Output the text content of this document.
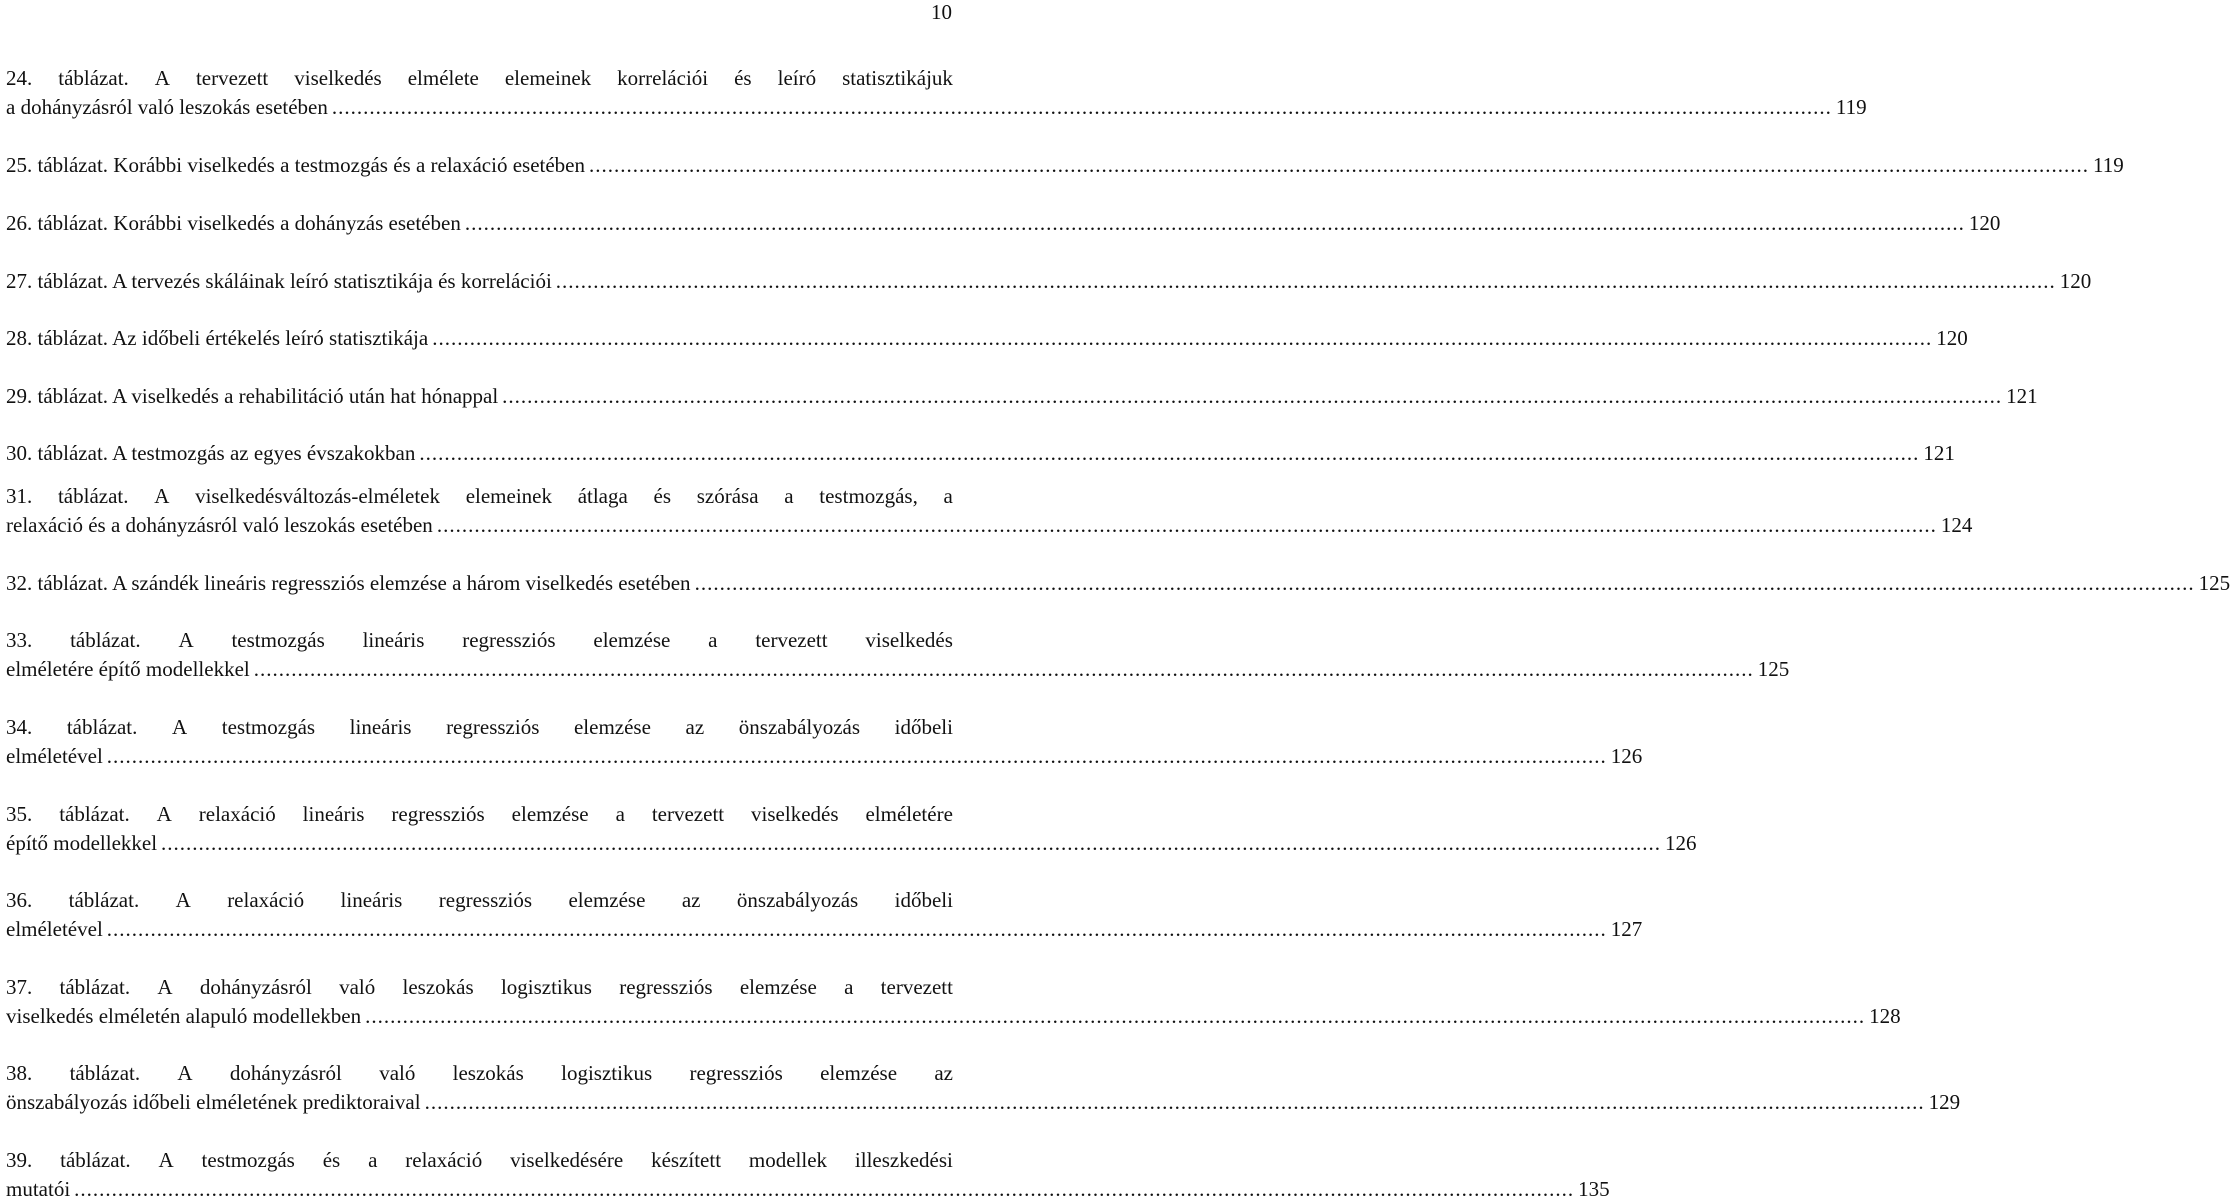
10
24. táblázat. A tervezett viselkedés elmélete elemeinek korrelációi és leíró statisztikájuk
a dohányzásról való leszokás esetében .....	119
25. táblázat. Korábbi viselkedés a testmozgás és a relaxáció esetében .....	119
26. táblázat. Korábbi viselkedés a dohányzás esetében .....	120
27. táblázat. A tervezés skáláinak leíró statisztikája és korrelációi .....	120
28. táblázat. Az időbeli értékelés leíró statisztikája .....	120
29. táblázat. A viselkedés a rehabilitáció után hat hónappal .....	121
30. táblázat. A testmozgás az egyes évszakokban .....	121
31. táblázat. A viselkedésváltozás-elméletek elemeinek átlaga és szórása a testmozgás, a
relaxáció és a dohányzásról való leszokás esetében .....	124
32. táblázat. A szándék lineáris regressziós elemzése a három viselkedés esetében .....	125
33. táblázat. A testmozgás lineáris regressziós elemzése a tervezett viselkedés
elméletére építő modellekkel .....	125
34. táblázat. A testmozgás lineáris regressziós elemzése az önszabályozás időbeli
elméletével .....	126
35. táblázat. A relaxáció lineáris regressziós elemzése a tervezett viselkedés elméletére
építő modellekkel .....	126
36. táblázat. A relaxáció lineáris regressziós elemzése az önszabályozás időbeli
elméletével .....	127
37. táblázat. A dohányzásról való leszokás logisztikus regressziós elemzése a tervezett
viselkedés elméletén alapuló modellekben .....	128
38. táblázat. A dohányzásról való leszokás logisztikus regressziós elemzése az
önszabályozás időbeli elméletének prediktoraival .....	129
39. táblázat. A testmozgás és a relaxáció viselkedésére készített modellek illeszkedési
mutatói .....	135
